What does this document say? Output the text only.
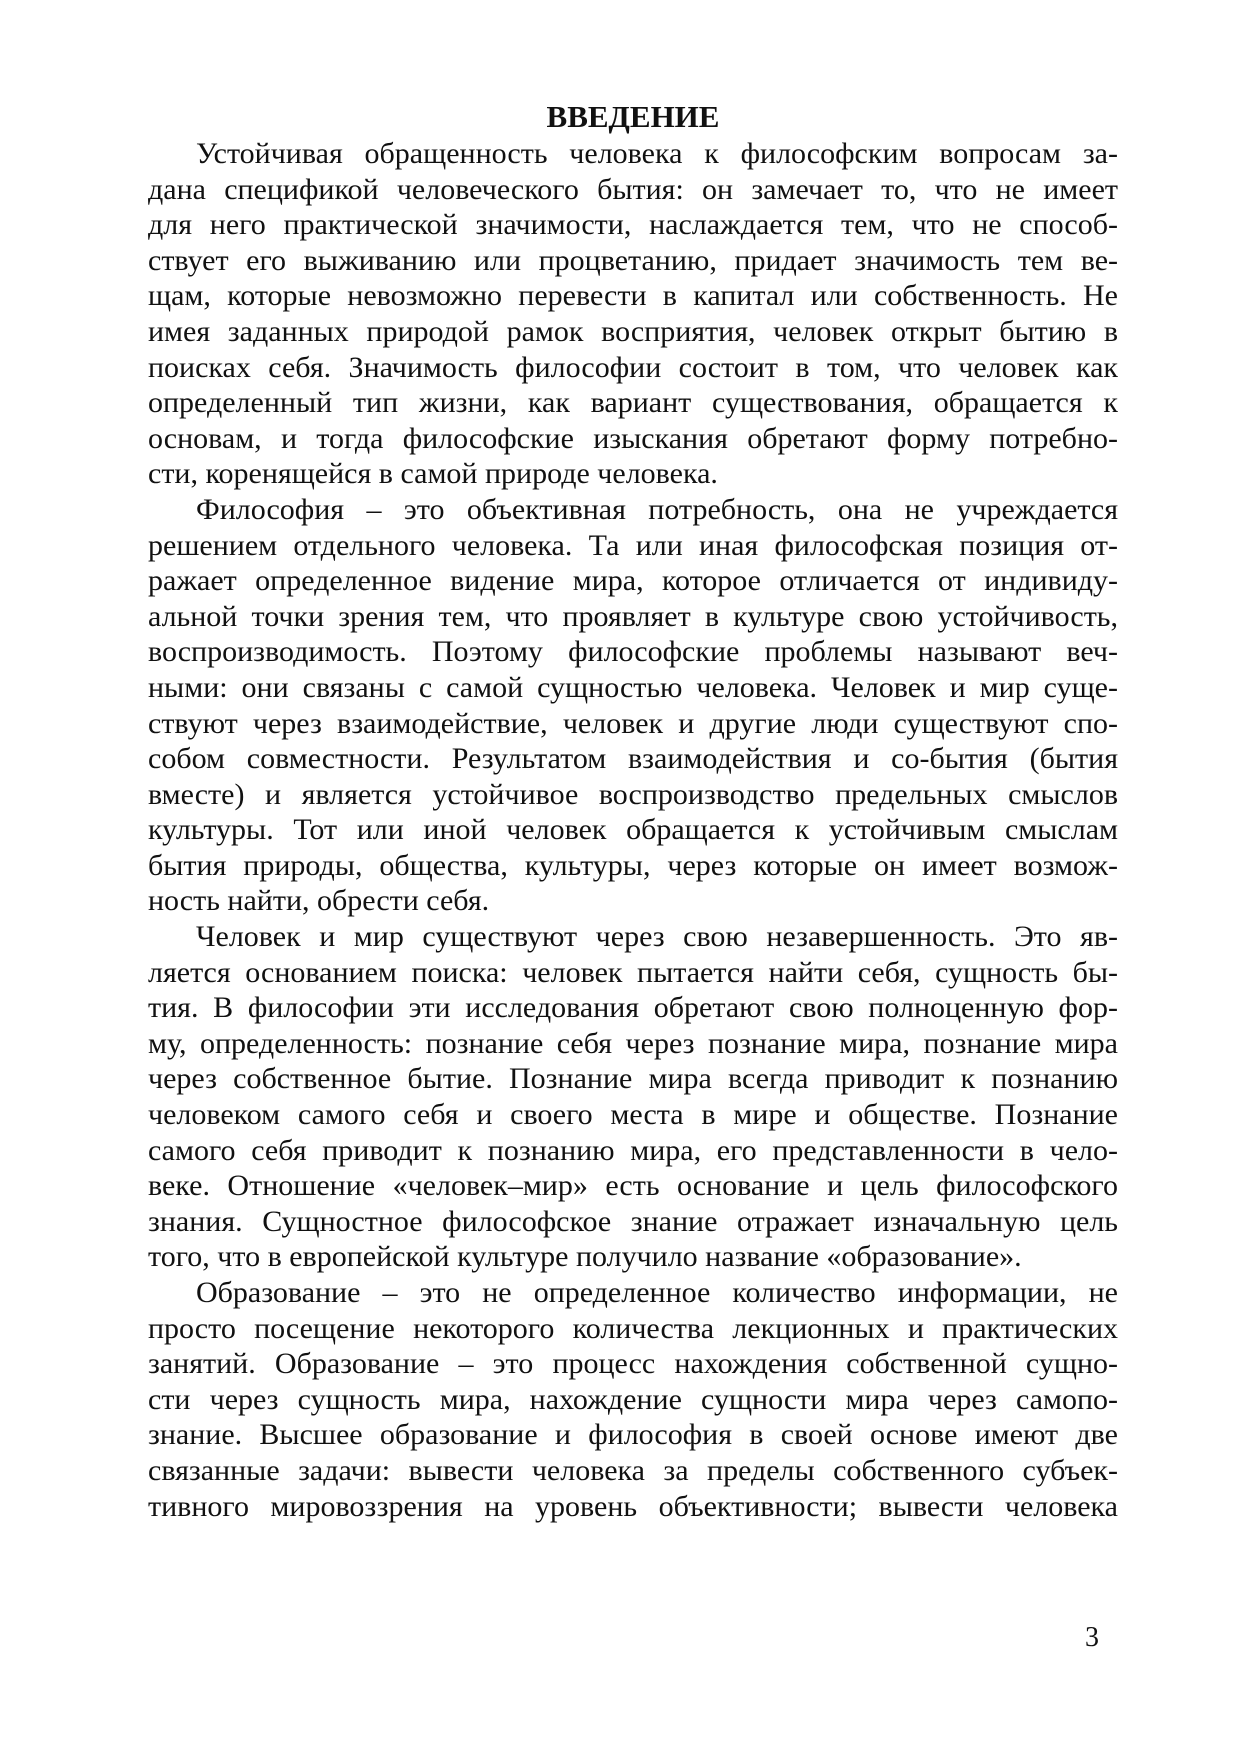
ВВЕДЕНИЕ
Устойчивая обращенность человека к философским вопросам за-
дана спецификой человеческого бытия: он замечает то, что не имеет
для него практической значимости, наслаждается тем, что не способ-
ствует его выживанию или процветанию, придает значимость тем ве-
щам, которые невозможно перевести в капитал или собственность. Не
имея заданных природой рамок восприятия, человек открыт бытию в
поисках себя. Значимость философии состоит в том, что человек как
определенный тип жизни, как вариант существования, обращается к
основам, и тогда философские изыскания обретают форму потребно-
сти, коренящейся в самой природе человека.
Философия – это объективная потребность, она не учреждается
решением отдельного человека. Та или иная философская позиция от-
ражает определенное видение мира, которое отличается от индивиду-
альной точки зрения тем, что проявляет в культуре свою устойчивость,
воспроизводимость. Поэтому философские проблемы называют веч-
ными: они связаны с самой сущностью человека. Человек и мир суще-
ствуют через взаимодействие, человек и другие люди существуют спо-
собом совместности. Результатом взаимодействия и со-бытия (бытия
вместе) и является устойчивое воспроизводство предельных смыслов
культуры. Тот или иной человек обращается к устойчивым смыслам
бытия природы, общества, культуры, через которые он имеет возмож-
ность найти, обрести себя.
Человек и мир существуют через свою незавершенность. Это яв-
ляется основанием поиска: человек пытается найти себя, сущность бы-
тия. В философии эти исследования обретают свою полноценную фор-
му, определенность: познание себя через познание мира, познание мира
через собственное бытие. Познание мира всегда приводит к познанию
человеком самого себя и своего места в мире и обществе. Познание
самого себя приводит к познанию мира, его представленности в чело-
веке. Отношение «человек–мир» есть основание и цель философского
знания. Сущностное философское знание отражает изначальную цель
того, что в европейской культуре получило название «образование».
Образование – это не определенное количество информации, не
просто посещение некоторого количества лекционных и практических
занятий. Образование – это процесс нахождения собственной сущно-
сти через сущность мира, нахождение сущности мира через самопо-
знание. Высшее образование и философия в своей основе имеют две
связанные задачи: вывести человека за пределы собственного субъек-
тивного мировоззрения на уровень объективности; вывести человека
3
